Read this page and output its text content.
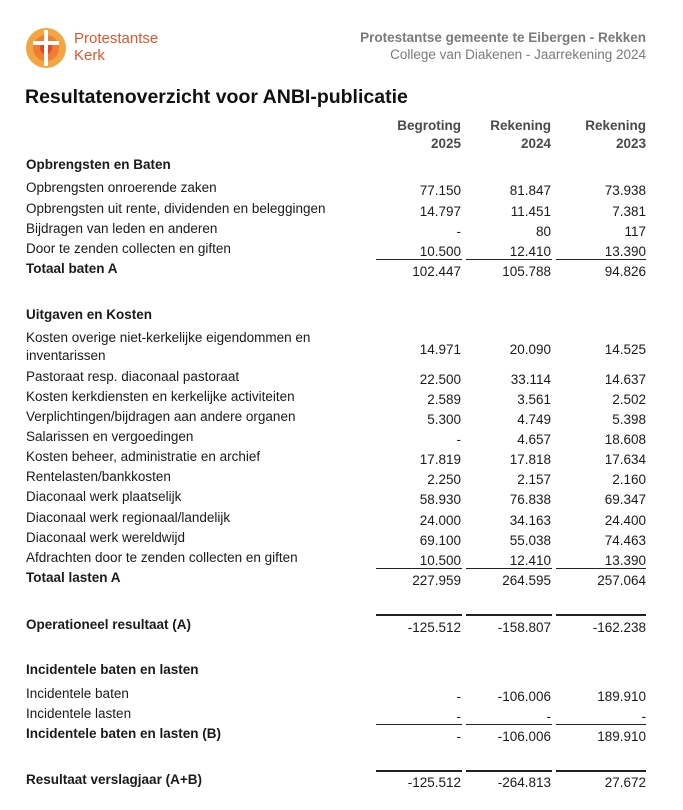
Protestantse
Kerk
Protestantse gemeente te Eibergen - Rekken
College van Diakenen - Jaarrekening 2024
Resultatenoverzicht voor ANBI-publicatie
Begroting
2025
Rekening
2024
Rekening
2023
Opbrengsten en Baten
Opbrengsten onroerende zaken	77.150	81.847	73.938
Opbrengsten uit rente, dividenden en beleggingen	14.797	11.451	7.381
Bijdragen van leden en anderen	-	80	117
Door te zenden collecten en giften	10.500	12.410	13.390
Totaal baten A	102.447	105.788	94.826
Uitgaven en Kosten
Kosten overige niet-kerkelijke eigendommen en inventarissen	14.971	20.090	14.525
Pastoraat resp. diaconaal pastoraat	22.500	33.114	14.637
Kosten kerkdiensten en kerkelijke activiteiten	2.589	3.561	2.502
Verplichtingen/bijdragen aan andere organen	5.300	4.749	5.398
Salarissen en vergoedingen	-	4.657	18.608
Kosten beheer, administratie en archief	17.819	17.818	17.634
Rentelasten/bankkosten	2.250	2.157	2.160
Diaconaal werk plaatselijk	58.930	76.838	69.347
Diaconaal werk regionaal/landelijk	24.000	34.163	24.400
Diaconaal werk wereldwijd	69.100	55.038	74.463
Afdrachten door te zenden collecten en giften	10.500	12.410	13.390
Totaal lasten A	227.959	264.595	257.064
Operationeel resultaat (A)	-125.512	-158.807	-162.238
Incidentele baten en lasten
Incidentele baten	-	-106.006	189.910
Incidentele lasten	-	-	-
Incidentele baten en lasten (B)	-	-106.006	189.910
Resultaat verslagjaar (A+B)	-125.512	-264.813	27.672
